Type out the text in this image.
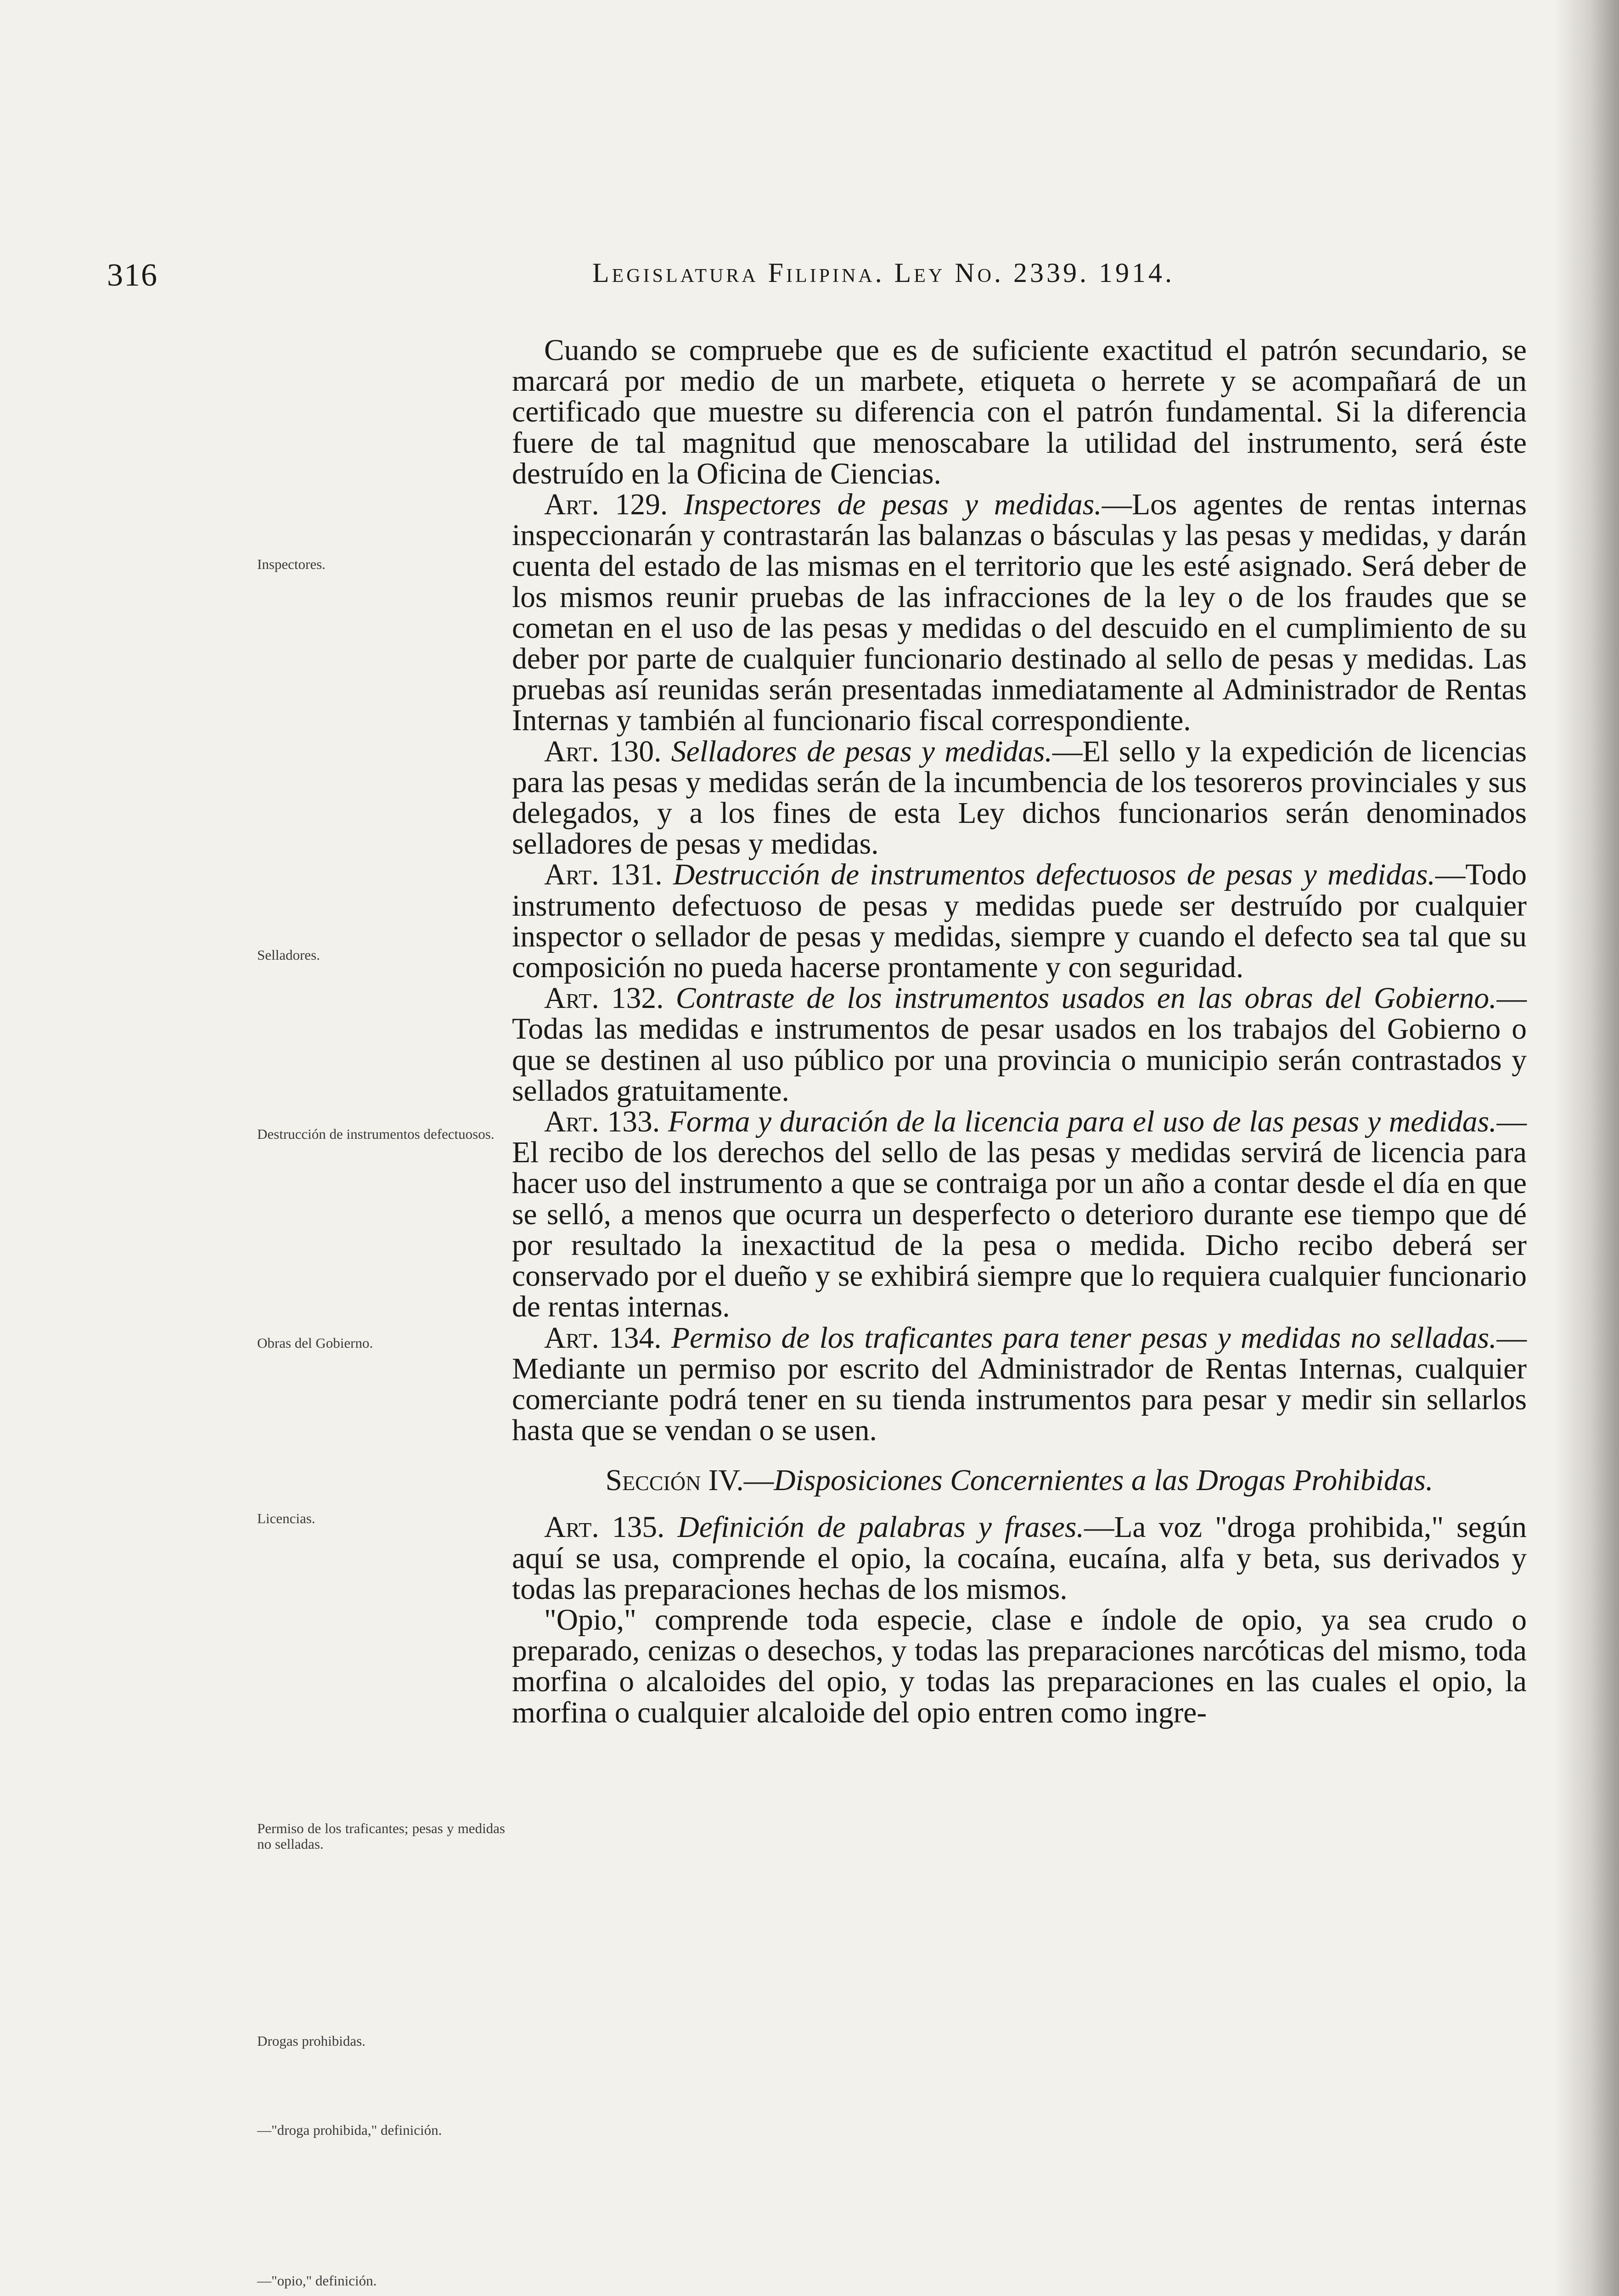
316	Legislatura Filipina. Ley No. 2339. 1914.
Inspectores.
Selladores.
Destrucción de instrumentos defectuosos.
Obras del Gobierno.
Licencias.
Permiso de los traficantes; pesas y medidas no selladas.
Drogas prohibidas.
—"droga prohibida," definición.
—"opio," definición.

Cuando se compruebe que es de suficiente exactitud el patrón secundario, se marcará por medio de un marbete, etiqueta o herrete y se acompañará de un certificado que muestre su diferencia con el patrón fundamental. Si la diferencia fuere de tal magnitud que menoscabare la utilidad del instrumento, será éste destruído en la Oficina de Ciencias.

Art. 129. Inspectores de pesas y medidas.—Los agentes de rentas internas inspeccionarán y contrastarán las balanzas o básculas y las pesas y medidas, y darán cuenta del estado de las mismas en el territorio que les esté asignado. Será deber de los mismos reunir pruebas de las infracciones de la ley o de los fraudes que se cometan en el uso de las pesas y medidas o del descuido en el cumplimiento de su deber por parte de cualquier funcionario destinado al sello de pesas y medidas. Las pruebas así reunidas serán presentadas inmediatamente al Administrador de Rentas Internas y también al funcionario fiscal correspondiente.

Art. 130. Selladores de pesas y medidas.—El sello y la expedición de licencias para las pesas y medidas serán de la incumbencia de los tesoreros provinciales y sus delegados, y a los fines de esta Ley dichos funcionarios serán denominados selladores de pesas y medidas.

Art. 131. Destrucción de instrumentos defectuosos de pesas y medidas.—Todo instrumento defectuoso de pesas y medidas puede ser destruído por cualquier inspector o sellador de pesas y medidas, siempre y cuando el defecto sea tal que su composición no pueda hacerse prontamente y con seguridad.

Art. 132. Contraste de los instrumentos usados en las obras del Gobierno.—Todas las medidas e instrumentos de pesar usados en los trabajos del Gobierno o que se destinen al uso público por una provincia o municipio serán contrastados y sellados gratuitamente.

Art. 133. Forma y duración de la licencia para el uso de las pesas y medidas.—El recibo de los derechos del sello de las pesas y medidas servirá de licencia para hacer uso del instrumento a que se contraiga por un año a contar desde el día en que se selló, a menos que ocurra un desperfecto o deterioro durante ese tiempo que dé por resultado la inexactitud de la pesa o medida. Dicho recibo deberá ser conservado por el dueño y se exhibirá siempre que lo requiera cualquier funcionario de rentas internas.

Art. 134. Permiso de los traficantes para tener pesas y medidas no selladas.—Mediante un permiso por escrito del Administrador de Rentas Internas, cualquier comerciante podrá tener en su tienda instrumentos para pesar y medir sin sellarlos hasta que se vendan o se usen.

Sección IV.—Disposiciones Concernientes a las Drogas Prohibidas.

Art. 135. Definición de palabras y frases.—La voz "droga prohibida," según aquí se usa, comprende el opio, la cocaína, eucaína, alfa y beta, sus derivados y todas las preparaciones hechas de los mismos.

"Opio," comprende toda especie, clase e índole de opio, ya sea crudo o preparado, cenizas o desechos, y todas las preparaciones narcóticas del mismo, toda morfina o alcaloides del opio, y todas las preparaciones en las cuales el opio, la morfina o cualquier alcaloide del opio entren como ingre-
